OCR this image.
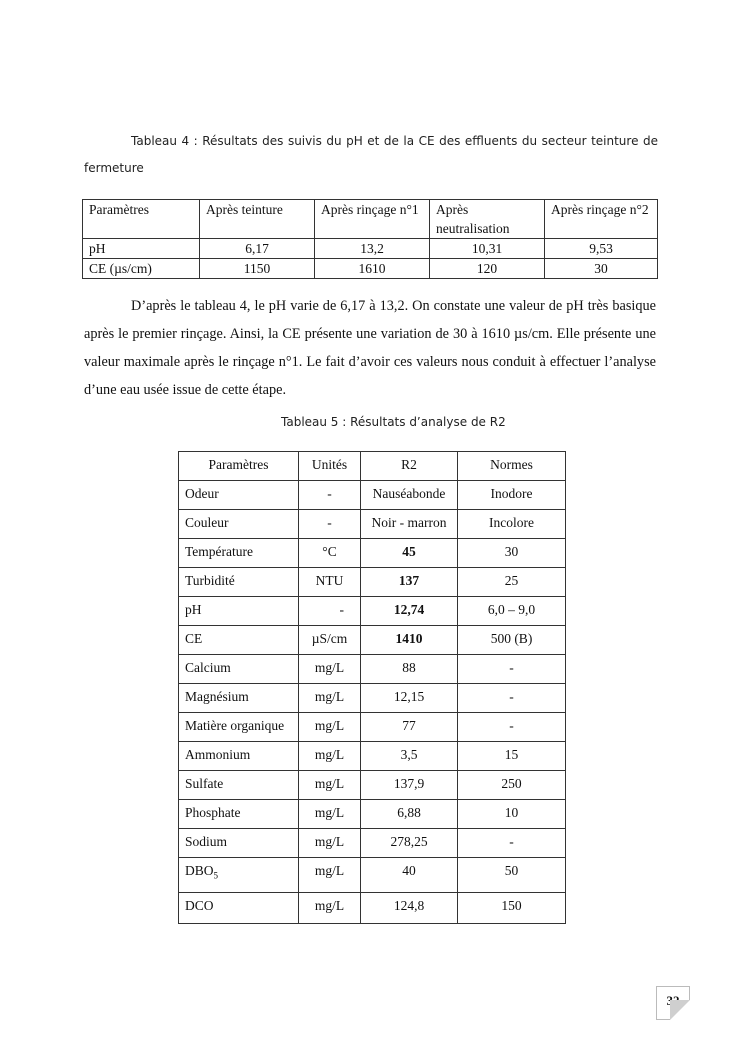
Tableau 4 : Résultats des suivis du pH et de la CE des effluents du secteur teinture de fermeture
Paramètres	Après teinture	Après rinçage n°1	Après neutralisation	Après rinçage n°2
pH	6,17	13,2	10,31	9,53
CE (µs/cm)	1150	1610	120	30

D’après le tableau 4, le pH varie de 6,17 à 13,2. On constate une valeur de pH très basique après le premier rinçage. Ainsi, la CE présente une variation de 30 à 1610 µs/cm. Elle présente une valeur maximale après le rinçage n°1. Le fait d’avoir ces valeurs nous conduit à effectuer l’analyse d’une eau usée issue de cette étape.

Tableau 5 : Résultats d’analyse de R2
Paramètres	Unités	R2	Normes
Odeur	-	Nauséabonde	Inodore
Couleur	-	Noir - marron	Incolore
Température	°C	45	30
Turbidité	NTU	137	25
pH	-	12,74	6,0 – 9,0
CE	µS/cm	1410	500 (B)
Calcium	mg/L	88	-
Magnésium	mg/L	12,15	-
Matière organique	mg/L	77	-
Ammonium	mg/L	3,5	15
Sulfate	mg/L	137,9	250
Phosphate	mg/L	6,88	10
Sodium	mg/L	278,25	-
$DBO_5$	mg/L	40	50
DCO	mg/L	124,8	150
32
